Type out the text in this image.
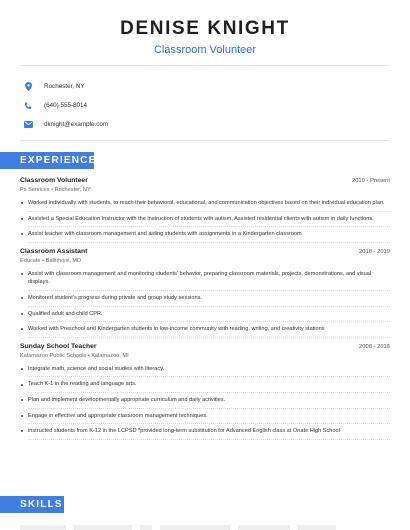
DENISE KNIGHT
Classroom Volunteer
Rochester, NY
(640) 555-8014
dknight@example.com
EXPERIENCE
Classroom Volunteer	2019 - Present
Ps Services • Rochester, NY
Worked individually with students, to reach their behavioral, educational, and communication objectives based on their individual education plan.
Assisted a Special Education Instructor with the instruction of students with autism, Assisted residential clients with autism in daily functions.
Assist teacher with classroom management and aiding students with assignments in a Kindergarten classroom
Classroom Assistant	2018 - 2019
Educate • Baltimore, MD
Assist with classroom management and monitoring students' behavior, preparing classroom materials, projects, demonstrations, and visual displays.
Monitored student's progress during private and group study sessions.
Qualified adult and child CPR.
Worked with Preschool and Kindergarten students in low-income community with reading, writing, and creativity stations
Sunday School Teacher	2008 - 2018
Kalamazoo Public Schools • Kalamazoo, MI
Integrate math, science and social studies with literacy.
Teach K-1 in the reading and language arts.
Plan and implement developmentally appropriate curriculum and daily activities.
Engage in effective and appropriate classroom management techniques.
instructed students from K-12 in the LCPSD *provided long-term substitution for Advanced English class at Onate High School
SKILLS
